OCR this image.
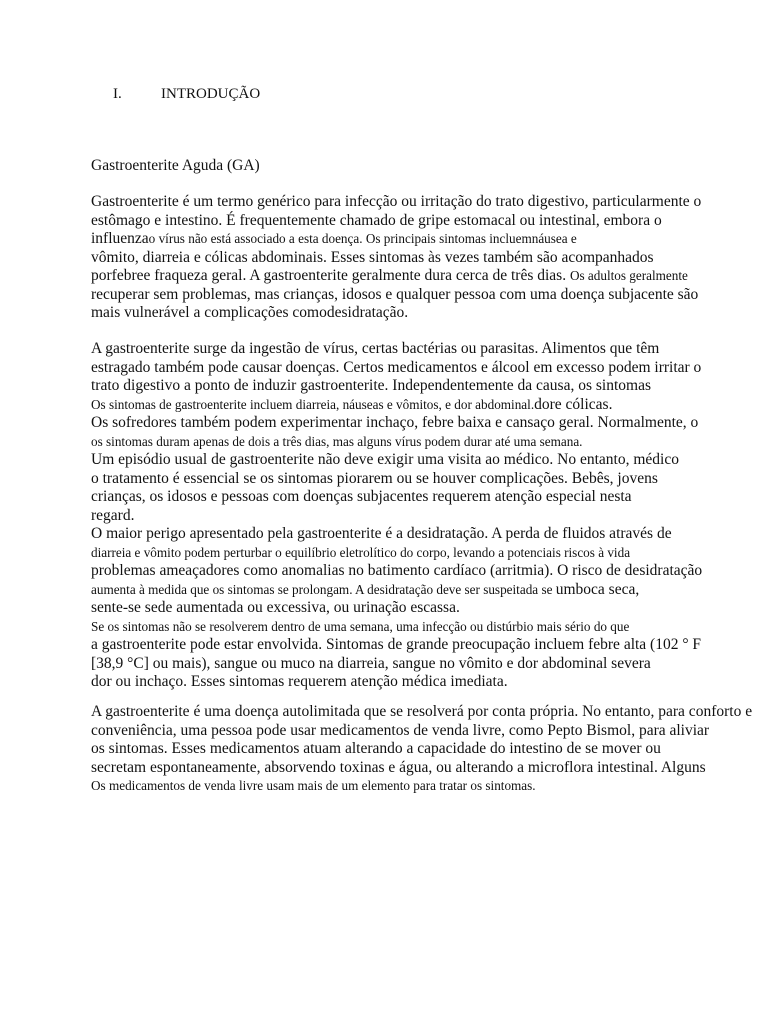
I.	INTRODUÇÃO
Gastroenterite Aguda (GA)
Gastroenterite é um termo genérico para infecção ou irritação do trato digestivo, particularmente o
estômago e intestino. É frequentemente chamado de gripe estomacal ou intestinal, embora o
influenzao vírus não está associado a esta doença. Os principais sintomas incluemnáusea e
vômito, diarreia e cólicas abdominais. Esses sintomas às vezes também são acompanhados
porfebree fraqueza geral. A gastroenterite geralmente dura cerca de três dias. Os adultos geralmente
recuperar sem problemas, mas crianças, idosos e qualquer pessoa com uma doença subjacente são
mais vulnerável a complicações comodesidratação.
A gastroenterite surge da ingestão de vírus, certas bactérias ou parasitas. Alimentos que têm
estragado também pode causar doenças. Certos medicamentos e álcool em excesso podem irritar o
trato digestivo a ponto de induzir gastroenterite. Independentemente da causa, os sintomas
Os sintomas de gastroenterite incluem diarreia, náuseas e vômitos, e dor abdominal.dore cólicas.
Os sofredores também podem experimentar inchaço, febre baixa e cansaço geral. Normalmente, o
os sintomas duram apenas de dois a três dias, mas alguns vírus podem durar até uma semana.
Um episódio usual de gastroenterite não deve exigir uma visita ao médico. No entanto, médico
o tratamento é essencial se os sintomas piorarem ou se houver complicações. Bebês, jovens
crianças, os idosos e pessoas com doenças subjacentes requerem atenção especial nesta
regard.
O maior perigo apresentado pela gastroenterite é a desidratação. A perda de fluidos através de
diarreia e vômito podem perturbar o equilíbrio eletrolítico do corpo, levando a potenciais riscos à vida
problemas ameaçadores como anomalias no batimento cardíaco (arritmia). O risco de desidratação
aumenta à medida que os sintomas se prolongam. A desidratação deve ser suspeitada se umboca seca,
sente-se sede aumentada ou excessiva, ou urinação escassa.
Se os sintomas não se resolverem dentro de uma semana, uma infecção ou distúrbio mais sério do que
a gastroenterite pode estar envolvida. Sintomas de grande preocupação incluem febre alta (102 ° F
[38,9 °C] ou mais), sangue ou muco na diarreia, sangue no vômito e dor abdominal severa
dor ou inchaço. Esses sintomas requerem atenção médica imediata.
A gastroenterite é uma doença autolimitada que se resolverá por conta própria. No entanto, para conforto e
conveniência, uma pessoa pode usar medicamentos de venda livre, como Pepto Bismol, para aliviar
os sintomas. Esses medicamentos atuam alterando a capacidade do intestino de se mover ou
secretam espontaneamente, absorvendo toxinas e água, ou alterando a microflora intestinal. Alguns
Os medicamentos de venda livre usam mais de um elemento para tratar os sintomas.
